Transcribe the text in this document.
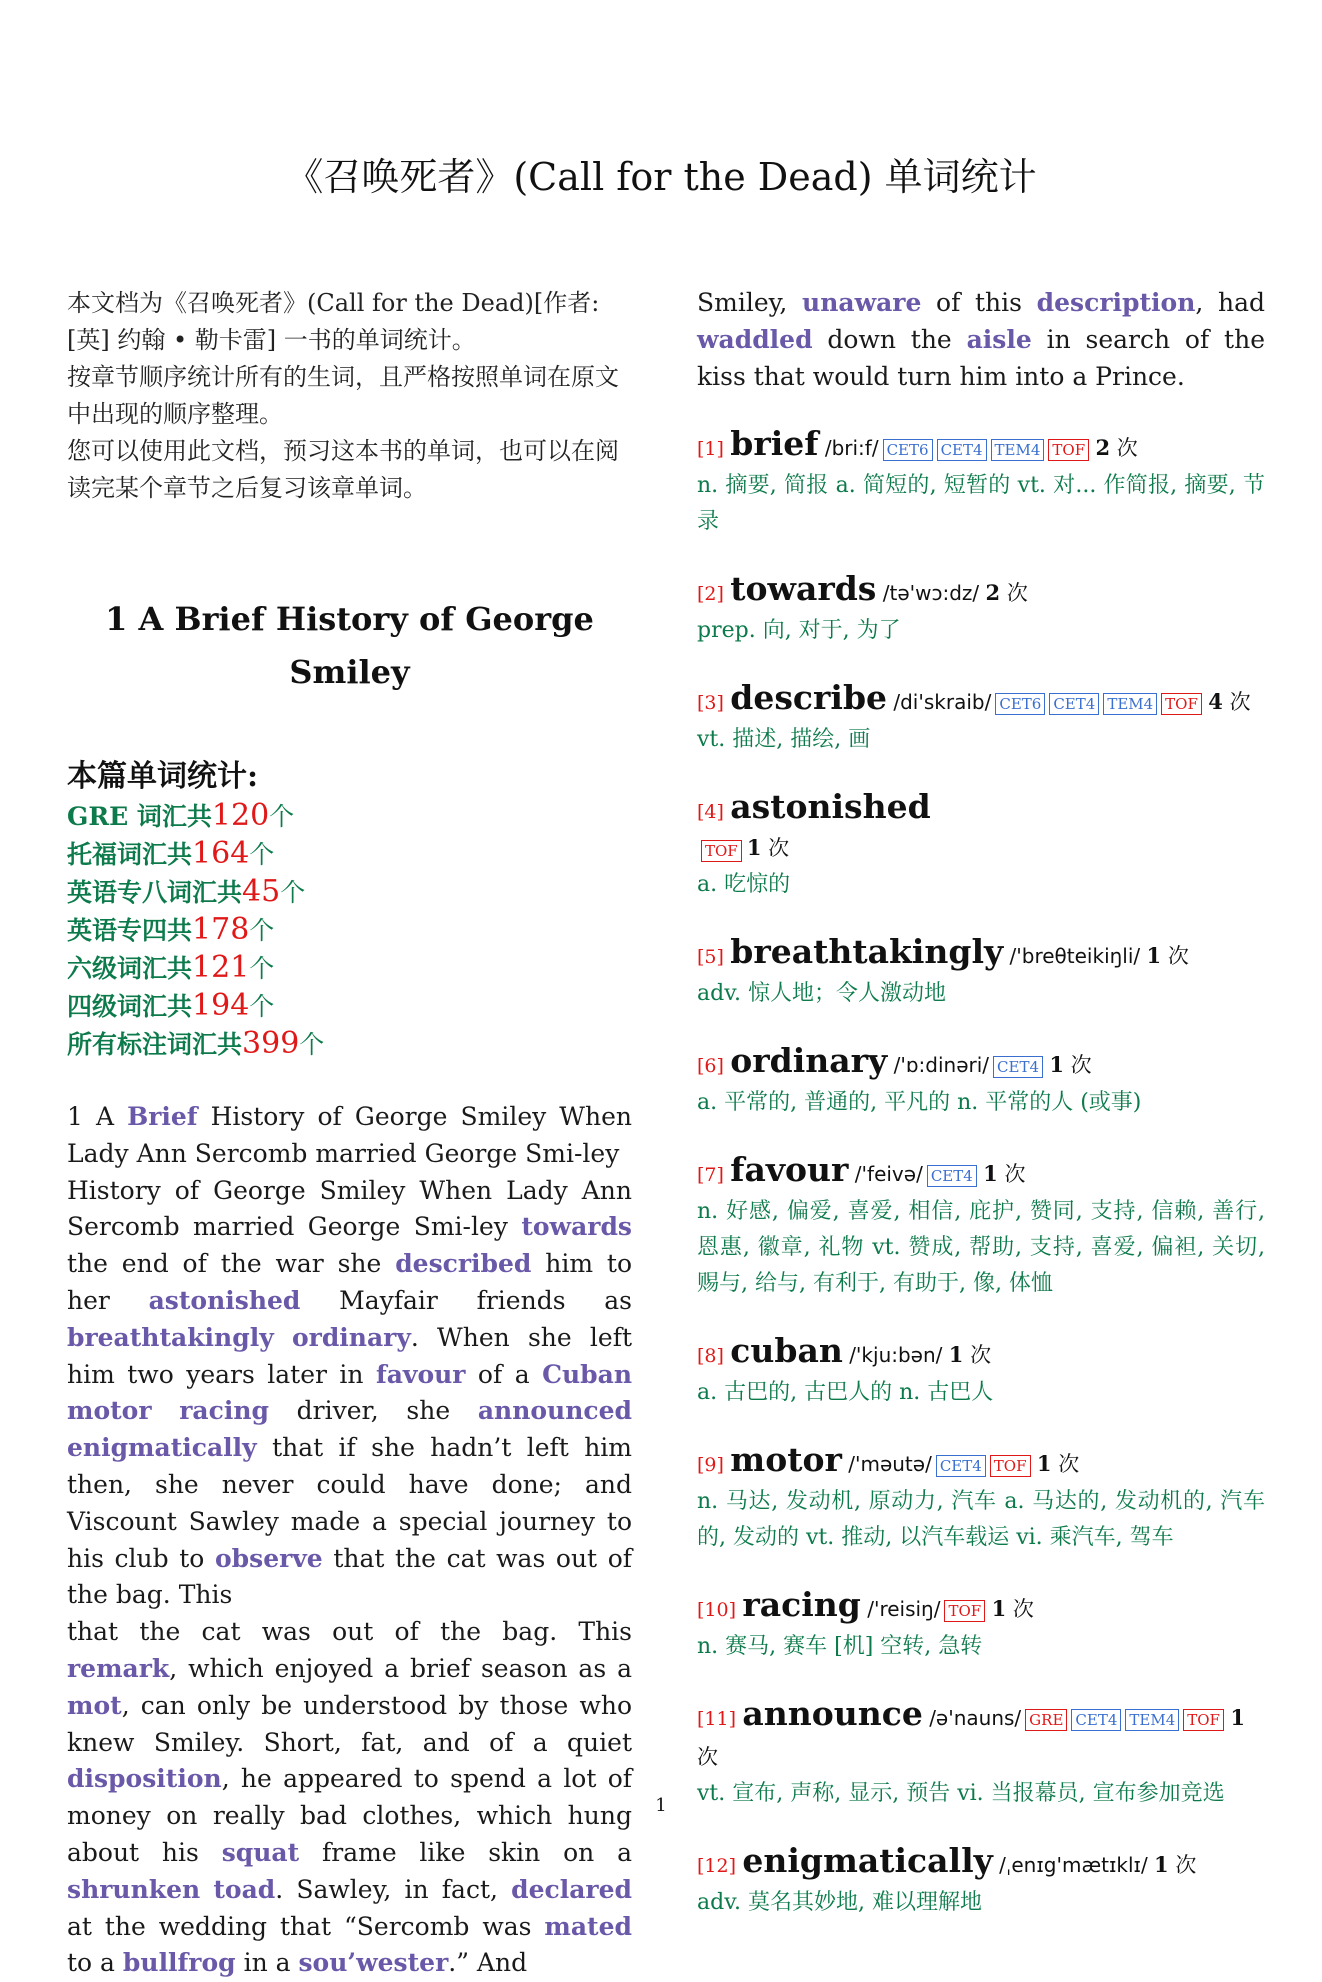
《召唤死者》(Call for the Dead) 单词统计

本文档为《召唤死者》(Call for the Dead)[作者: [英] 约翰 • 勒卡雷] 一书的单词统计。

按章节顺序统计所有的生词，且严格按照单词在原文中出现的顺序整理。

您可以使用此文档，预习这本书的单词，也可以在阅读完某个章节之后复习该章单词。

1 A Brief History of George Smiley
本篇单词统计:
GRE 词汇共120个
托福词汇共164个
英语专八词汇共45个
英语专四共178个
六级词汇共121个
四级词汇共194个
所有标注词汇共399个
1 A Brief History of George Smiley When Lady Ann Sercomb married George Smi-ley
History of George Smiley When Lady Ann Sercomb married George Smi-ley towards the end of the war she described him to her astonished Mayfair friends as breathtakingly ordinary. When she left him two years later in favour of a Cuban motor racing driver, she announced enigmatically that if she hadn’t left him then, she never could have done; and Viscount Sawley made a special journey to his club to observe that the cat was out of the bag. This
that the cat was out of the bag. This remark, which enjoyed a brief season as a mot, can only be understood by those who knew Smiley. Short, fat, and of a quiet disposition, he appeared to spend a lot of money on really bad clothes, which hung about his squat frame like skin on a shrunken toad. Sawley, in fact, declared at the wedding that “Sercomb was mated to a bullfrog in a sou’wester.” And
Smiley, unaware of this description, had waddled down the aisle in search of the kiss that would turn him into a Prince.
[1] brief /bri:f/ CET6 CET4 TEM4 TOF 2 次
n. 摘要, 简报 a. 简短的, 短暂的 vt. 对... 作简报, 摘要, 节录
[2] towards /tə'wɔ:dz/ 2 次
prep. 向, 对于, 为了
[3] describe /di'skraib/ CET6 CET4 TEM4 TOF 4 次
vt. 描述, 描绘, 画
[4] astonished
TOF 1 次
a. 吃惊的
[5] breathtakingly /'breθteikiŋli/ 1 次
adv. 惊人地；令人激动地
[6] ordinary /'ɒ:dinəri/ CET4 1 次
a. 平常的, 普通的, 平凡的 n. 平常的人 (或事)
[7] favour /'feivə/ CET4 1 次
n. 好感, 偏爱, 喜爱, 相信, 庇护, 赞同, 支持, 信赖, 善行, 恩惠, 徽章, 礼物 vt. 赞成, 帮助, 支持, 喜爱, 偏袒, 关切, 赐与, 给与, 有利于, 有助于, 像, 体恤
[8] cuban /'kju:bən/ 1 次
a. 古巴的, 古巴人的 n. 古巴人
[9] motor /'məutə/ CET4 TOF 1 次
n. 马达, 发动机, 原动力, 汽车 a. 马达的, 发动机的, 汽车的, 发动的 vt. 推动, 以汽车载运 vi. 乘汽车, 驾车
[10] racing /'reisiŋ/ TOF 1 次
n. 赛马, 赛车 [机] 空转, 急转
[11] announce /ə'nauns/ GRE CET4 TEM4 TOF 1 次
vt. 宣布, 声称, 显示, 预告 vi. 当报幕员, 宣布参加竞选
[12] enigmatically /ˌenɪg'mætɪklɪ/ 1 次
adv. 莫名其妙地, 难以理解地
1
